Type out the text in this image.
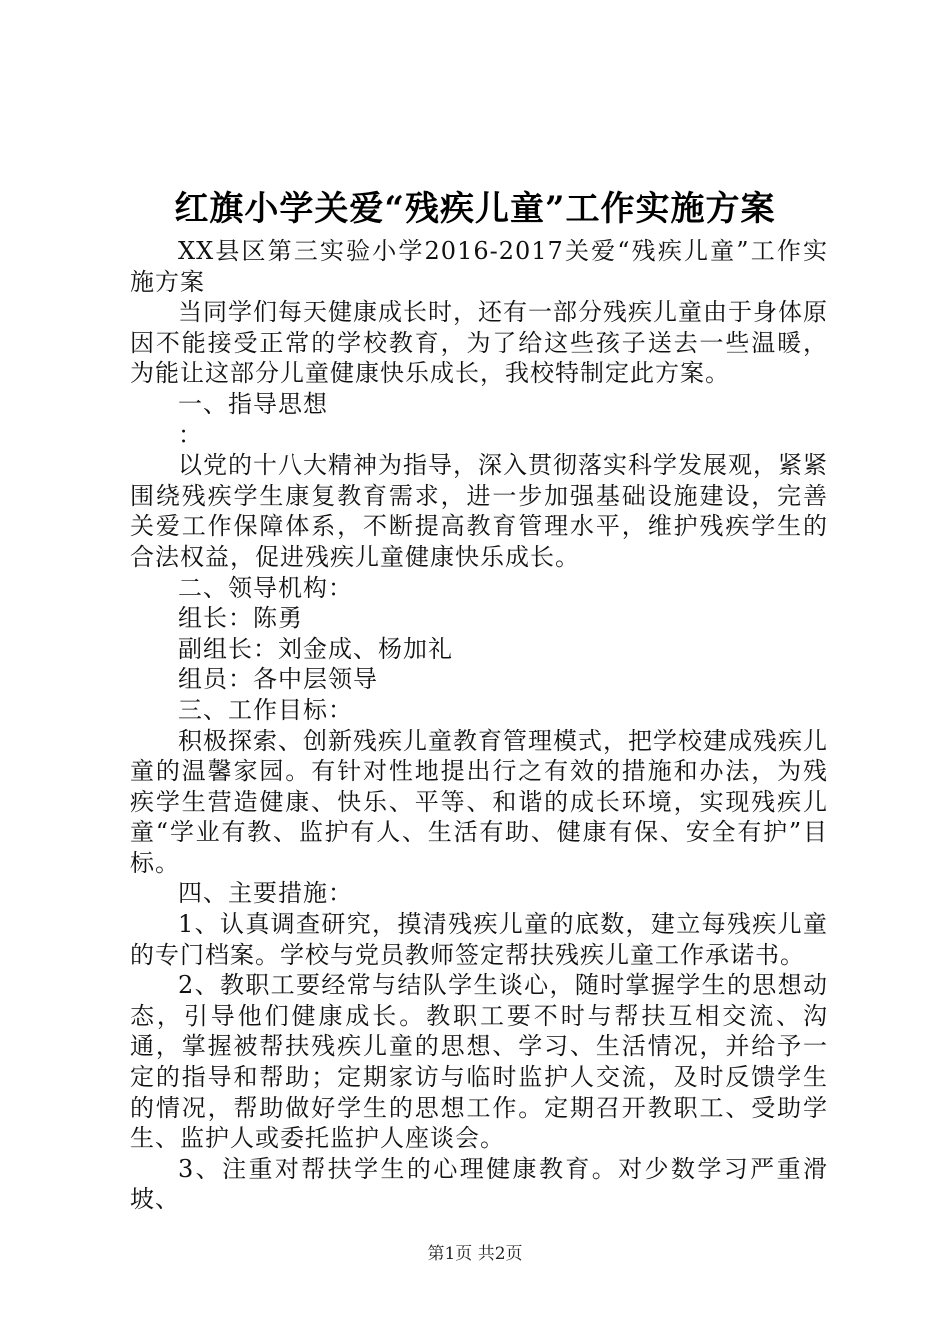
红旗小学关爱“残疾儿童”工作实施方案

XX县区第三实验小学2016-2017关爱“残疾儿童”工作实施方案

当同学们每天健康成长时，还有一部分残疾儿童由于身体原因不能接受正常的学校教育，为了给这些孩子送去一些温暖，为能让这部分儿童健康快乐成长，我校特制定此方案。

一、指导思想

：

以党的十八大精神为指导，深入贯彻落实科学发展观，紧紧围绕残疾学生康复教育需求，进一步加强基础设施建设，完善关爱工作保障体系，不断提高教育管理水平，维护残疾学生的合法权益，促进残疾儿童健康快乐成长。

二、领导机构：

组长：陈勇

副组长：刘金成、杨加礼

组员：各中层领导

三、工作目标：

积极探索、创新残疾儿童教育管理模式，把学校建成残疾儿童的温馨家园。有针对性地提出行之有效的措施和办法，为残疾学生营造健康、快乐、平等、和谐的成长环境，实现残疾儿童“学业有教、监护有人、生活有助、健康有保、安全有护”目标。

四、主要措施：

1、认真调查研究，摸清残疾儿童的底数，建立每残疾儿童的专门档案。学校与党员教师签定帮扶残疾儿童工作承诺书。

2、教职工要经常与结队学生谈心，随时掌握学生的思想动态，引导他们健康成长。教职工要不时与帮扶互相交流、沟通，掌握被帮扶残疾儿童的思想、学习、生活情况，并给予一定的指导和帮助；定期家访与临时监护人交流，及时反馈学生的情况，帮助做好学生的思想工作。定期召开教职工、受助学生、监护人或委托监护人座谈会。

3、注重对帮扶学生的心理健康教育。对少数学习严重滑坡、

第1页 共2页
